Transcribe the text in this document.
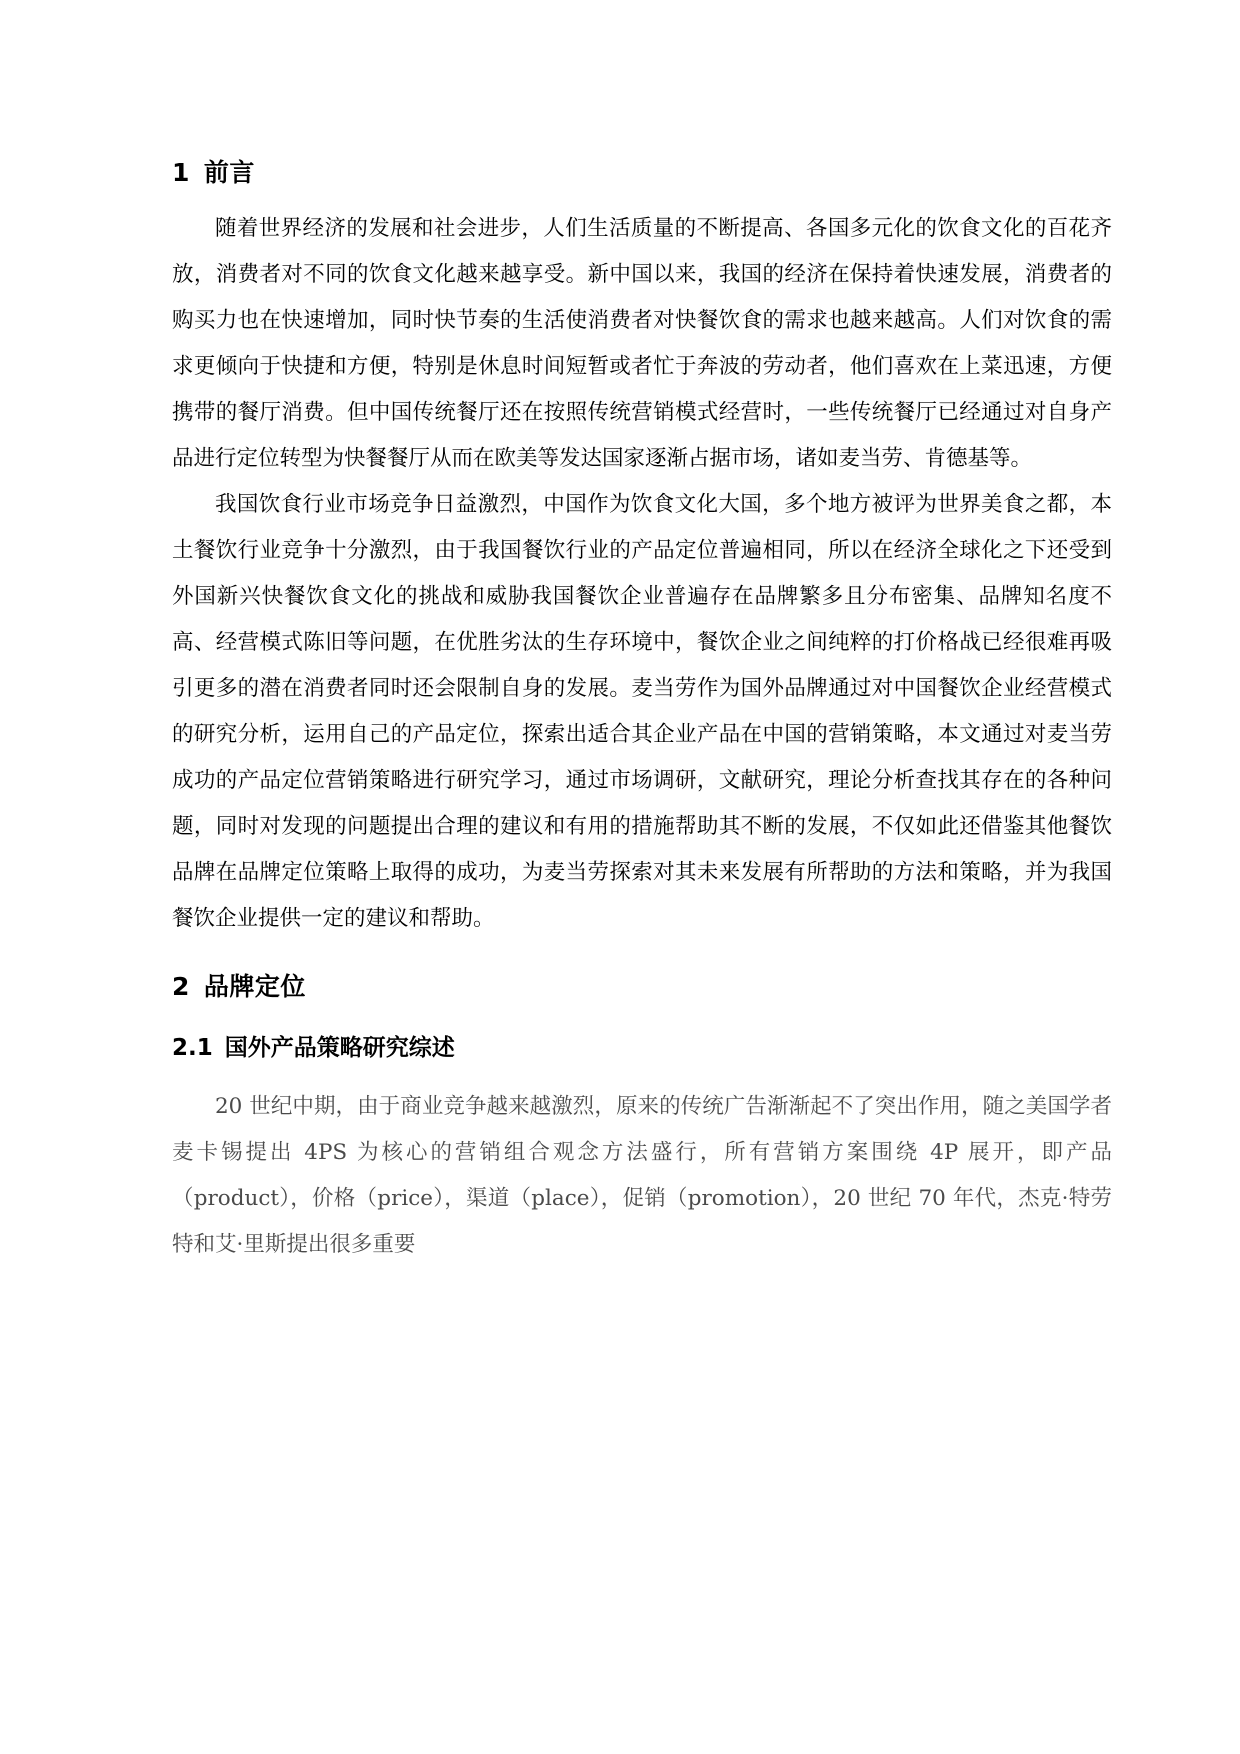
1 前言

随着世界经济的发展和社会进步，人们生活质量的不断提高、各国多元化的饮食文化的百花齐放，消费者对不同的饮食文化越来越享受。新中国以来，我国的经济在保持着快速发展，消费者的购买力也在快速增加，同时快节奏的生活使消费者对快餐饮食的需求也越来越高。人们对饮食的需求更倾向于快捷和方便，特别是休息时间短暂或者忙于奔波的劳动者，他们喜欢在上菜迅速，方便携带的餐厅消费。但中国传统餐厅还在按照传统营销模式经营时，一些传统餐厅已经通过对自身产品进行定位转型为快餐餐厅从而在欧美等发达国家逐渐占据市场，诸如麦当劳、肯德基等。

我国饮食行业市场竞争日益激烈，中国作为饮食文化大国，多个地方被评为世界美食之都，本土餐饮行业竞争十分激烈，由于我国餐饮行业的产品定位普遍相同，所以在经济全球化之下还受到外国新兴快餐饮食文化的挑战和威胁我国餐饮企业普遍存在品牌繁多且分布密集、品牌知名度不高、经营模式陈旧等问题，在优胜劣汰的生存环境中，餐饮企业之间纯粹的打价格战已经很难再吸引更多的潜在消费者同时还会限制自身的发展。麦当劳作为国外品牌通过对中国餐饮企业经营模式的研究分析，运用自己的产品定位，探索出适合其企业产品在中国的营销策略，本文通过对麦当劳成功的产品定位营销策略进行研究学习，通过市场调研，文献研究，理论分析查找其存在的各种问题，同时对发现的问题提出合理的建议和有用的措施帮助其不断的发展，不仅如此还借鉴其他餐饮品牌在品牌定位策略上取得的成功，为麦当劳探索对其未来发展有所帮助的方法和策略，并为我国餐饮企业提供一定的建议和帮助。

2 品牌定位
2.1 国外产品策略研究综述

20 世纪中期，由于商业竞争越来越激烈，原来的传统广告渐渐起不了突出作用，随之美国学者麦卡锡提出 4PS 为核心的营销组合观念方法盛行，所有营销方案围绕 4P 展开，即产品（product），价格（price），渠道（place），促销（promotion），20 世纪 70 年代，杰克·特劳特和艾·里斯提出很多重要
